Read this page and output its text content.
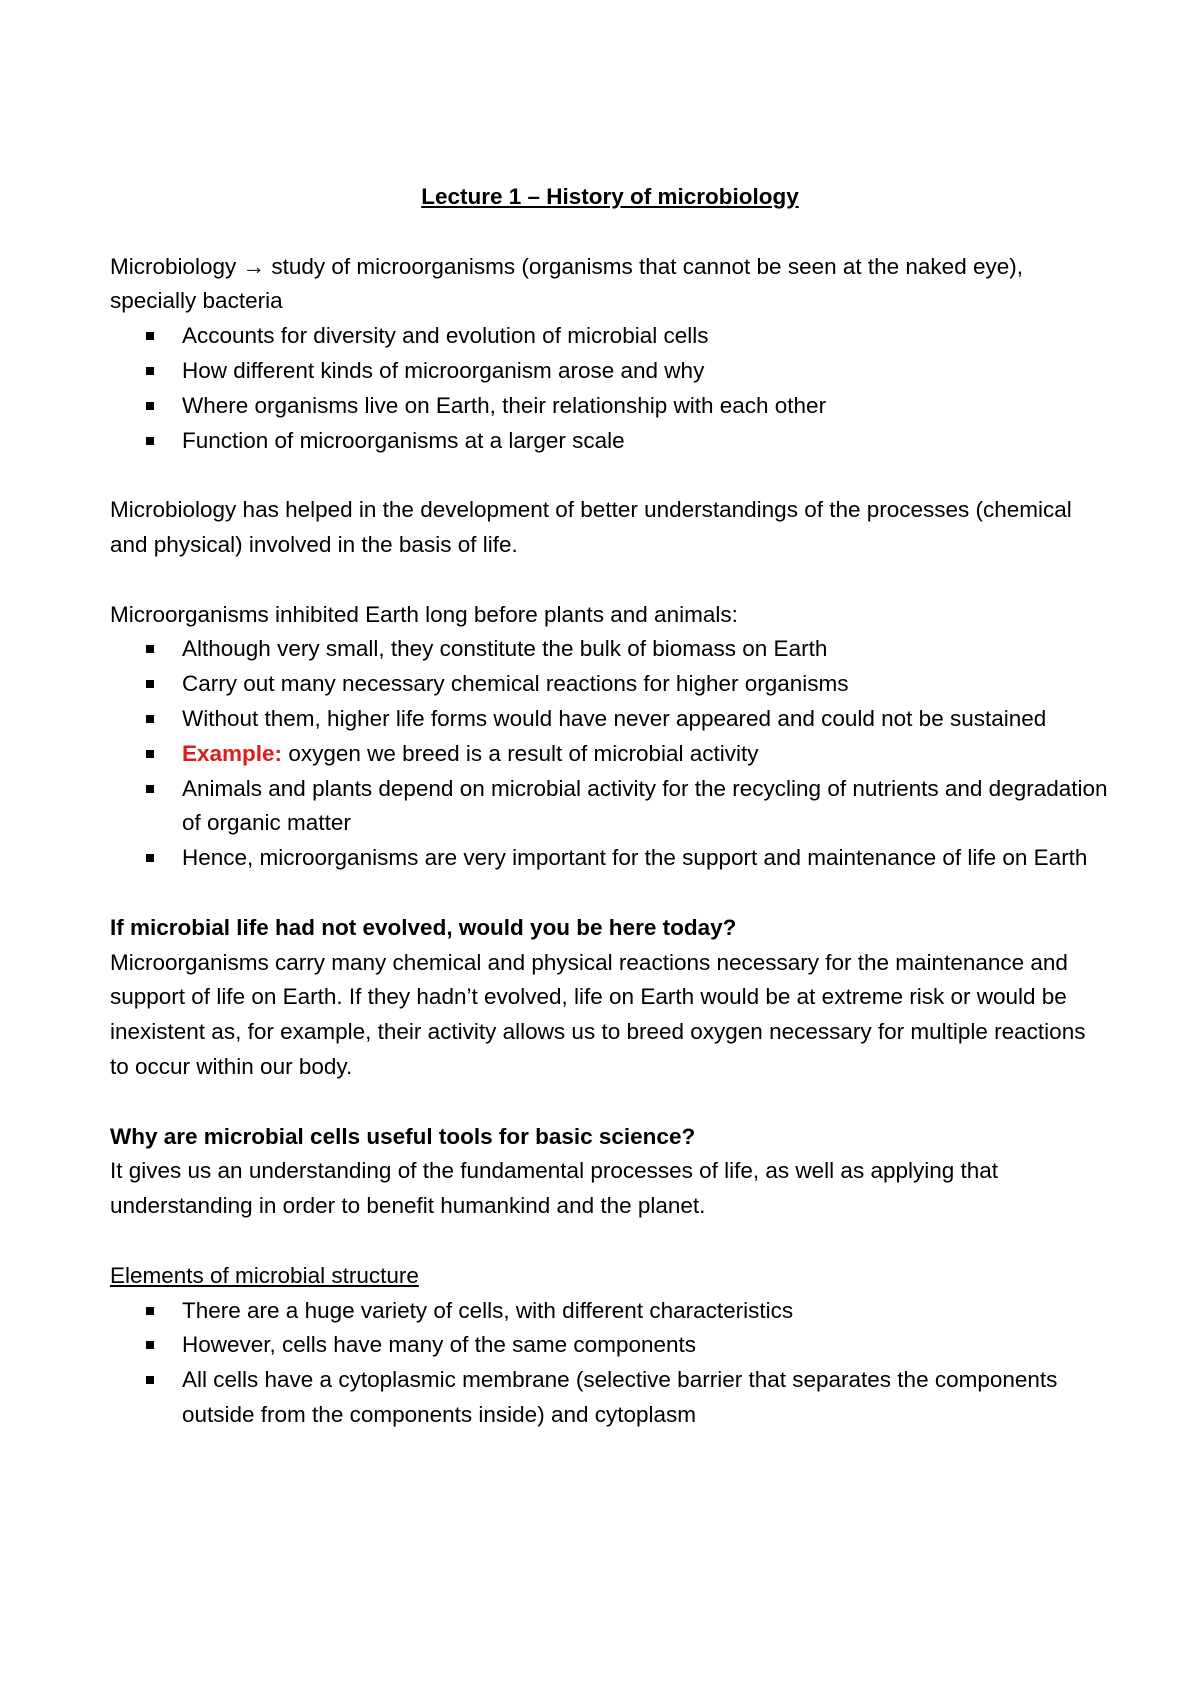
Lecture 1 – History of microbiology

Microbiology → study of microorganisms (organisms that cannot be seen at the naked eye), specially bacteria

Accounts for diversity and evolution of microbial cells
How different kinds of microorganism arose and why
Where organisms live on Earth, their relationship with each other
Function of microorganisms at a larger scale

Microbiology has helped in the development of better understandings of the processes (chemical and physical) involved in the basis of life.

Microorganisms inhibited Earth long before plants and animals:

Although very small, they constitute the bulk of biomass on Earth
Carry out many necessary chemical reactions for higher organisms
Without them, higher life forms would have never appeared and could not be sustained
Example: oxygen we breed is a result of microbial activity
Animals and plants depend on microbial activity for the recycling of nutrients and degradation of organic matter
Hence, microorganisms are very important for the support and maintenance of life on Earth

If microbial life had not evolved, would you be here today?

Microorganisms carry many chemical and physical reactions necessary for the maintenance and support of life on Earth. If they hadn’t evolved, life on Earth would be at extreme risk or would be inexistent as, for example, their activity allows us to breed oxygen necessary for multiple reactions to occur within our body.

Why are microbial cells useful tools for basic science?

It gives us an understanding of the fundamental processes of life, as well as applying that understanding in order to benefit humankind and the planet.

Elements of microbial structure

There are a huge variety of cells, with different characteristics
However, cells have many of the same components
All cells have a cytoplasmic membrane (selective barrier that separates the components outside from the components inside) and cytoplasm
